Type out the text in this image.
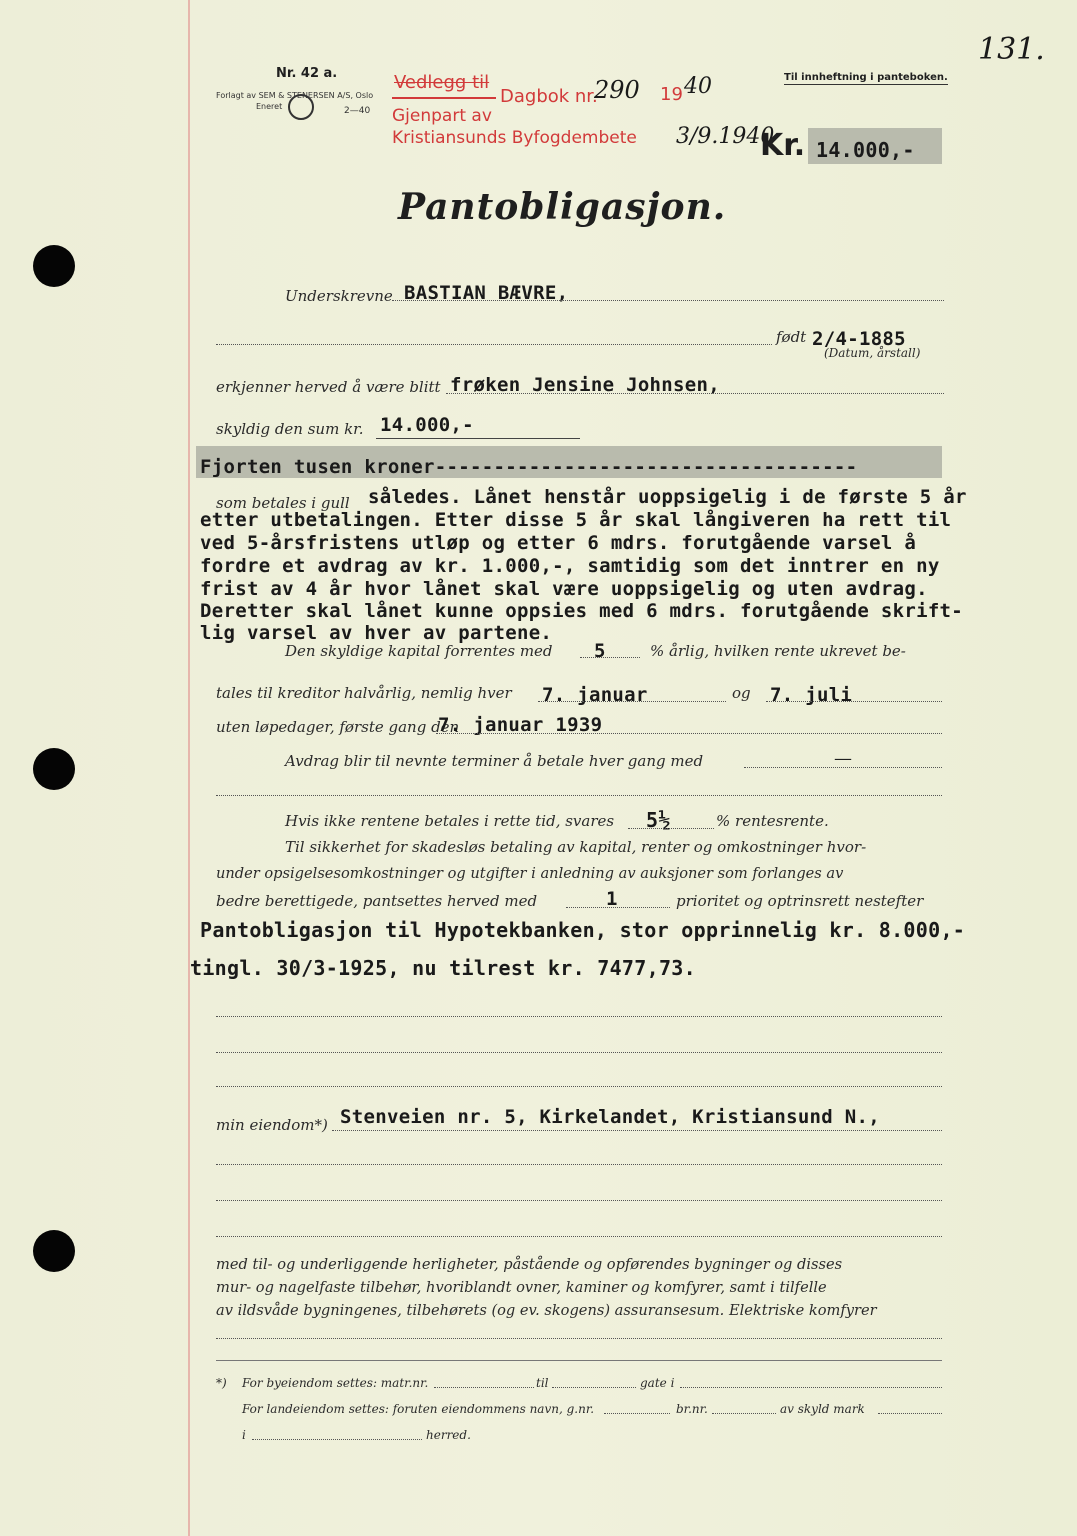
Nr. 42 a.
Forlagt av SEM & STENERSEN A/S, Oslo
Eneret	2—40
Til innheftning i panteboken.
131.
Vedlegg til
Dagbok nr.
290 19 40
Gjenpart av
Kristiansunds Byfogdembete 3/9.1940
Kr. 14.000,-
Pantobligasjon.
Underskrevne BASTIAN BÆVRE,
født 2/4-1885
(Datum, årstall)
erkjenner herved å være blitt frøken Jensine Johnsen,
skyldig den sum kr. 14.000,-
Fjorten tusen kroner------------------------------------
som betales i gull således. Lånet henstår uoppsigelig i de første 5 år
etter utbetalingen. Etter disse 5 år skal långiveren ha rett til
ved 5-årsfristens utløp og etter 6 mdrs. forutgående varsel å
fordre et avdrag av kr. 1.000,-, samtidig som det inntrer en ny
frist av 4 år hvor lånet skal være uoppsigelig og uten avdrag.
Deretter skal lånet kunne oppsies med 6 mdrs. forutgående skrift-
lig varsel av hver av partene.
Den skyldige kapital forrentes med 5	% årlig, hvilken rente ukrevet be-
tales til kreditor halvårlig, nemlig hver 7. januar	og 7. juli
uten løpedager, første gang den
7. januar 1939
Avdrag blir til nevnte terminer å betale hver gang med	—
Hvis ikke rentene betales i rette tid, svares 5½	% rentesrente.
Til sikkerhet for skadesløs betaling av kapital, renter og omkostninger hvor-
under opsigelsesomkostninger og utgifter i anledning av auksjoner som forlanges av
bedre berettigede, pantsettes herved med	1	prioritet og optrinsrett nestefter
Pantobligasjon til Hypotekbanken, stor opprinnelig kr. 8.000,-
tingl. 30/3-1925, nu tilrest kr. 7477,73.
min eiendom*) Stenveien nr. 5, Kirkelandet, Kristiansund N.,
med til- og underliggende herligheter, påstående og opførendes bygninger og disses
mur- og nagelfaste tilbehør, hvoriblandt ovner, kaminer og komfyrer, samt i tilfelle
av ildsvåde bygningenes, tilbehørets (og ev. skogens) assuransesum. Elektriske komfyrer
*) For byeiendom settes: matr.nr.	til	gate i
For landeiendom settes: foruten eiendommens navn, g.nr.	br.nr.	av skyld mark
i	herred.
